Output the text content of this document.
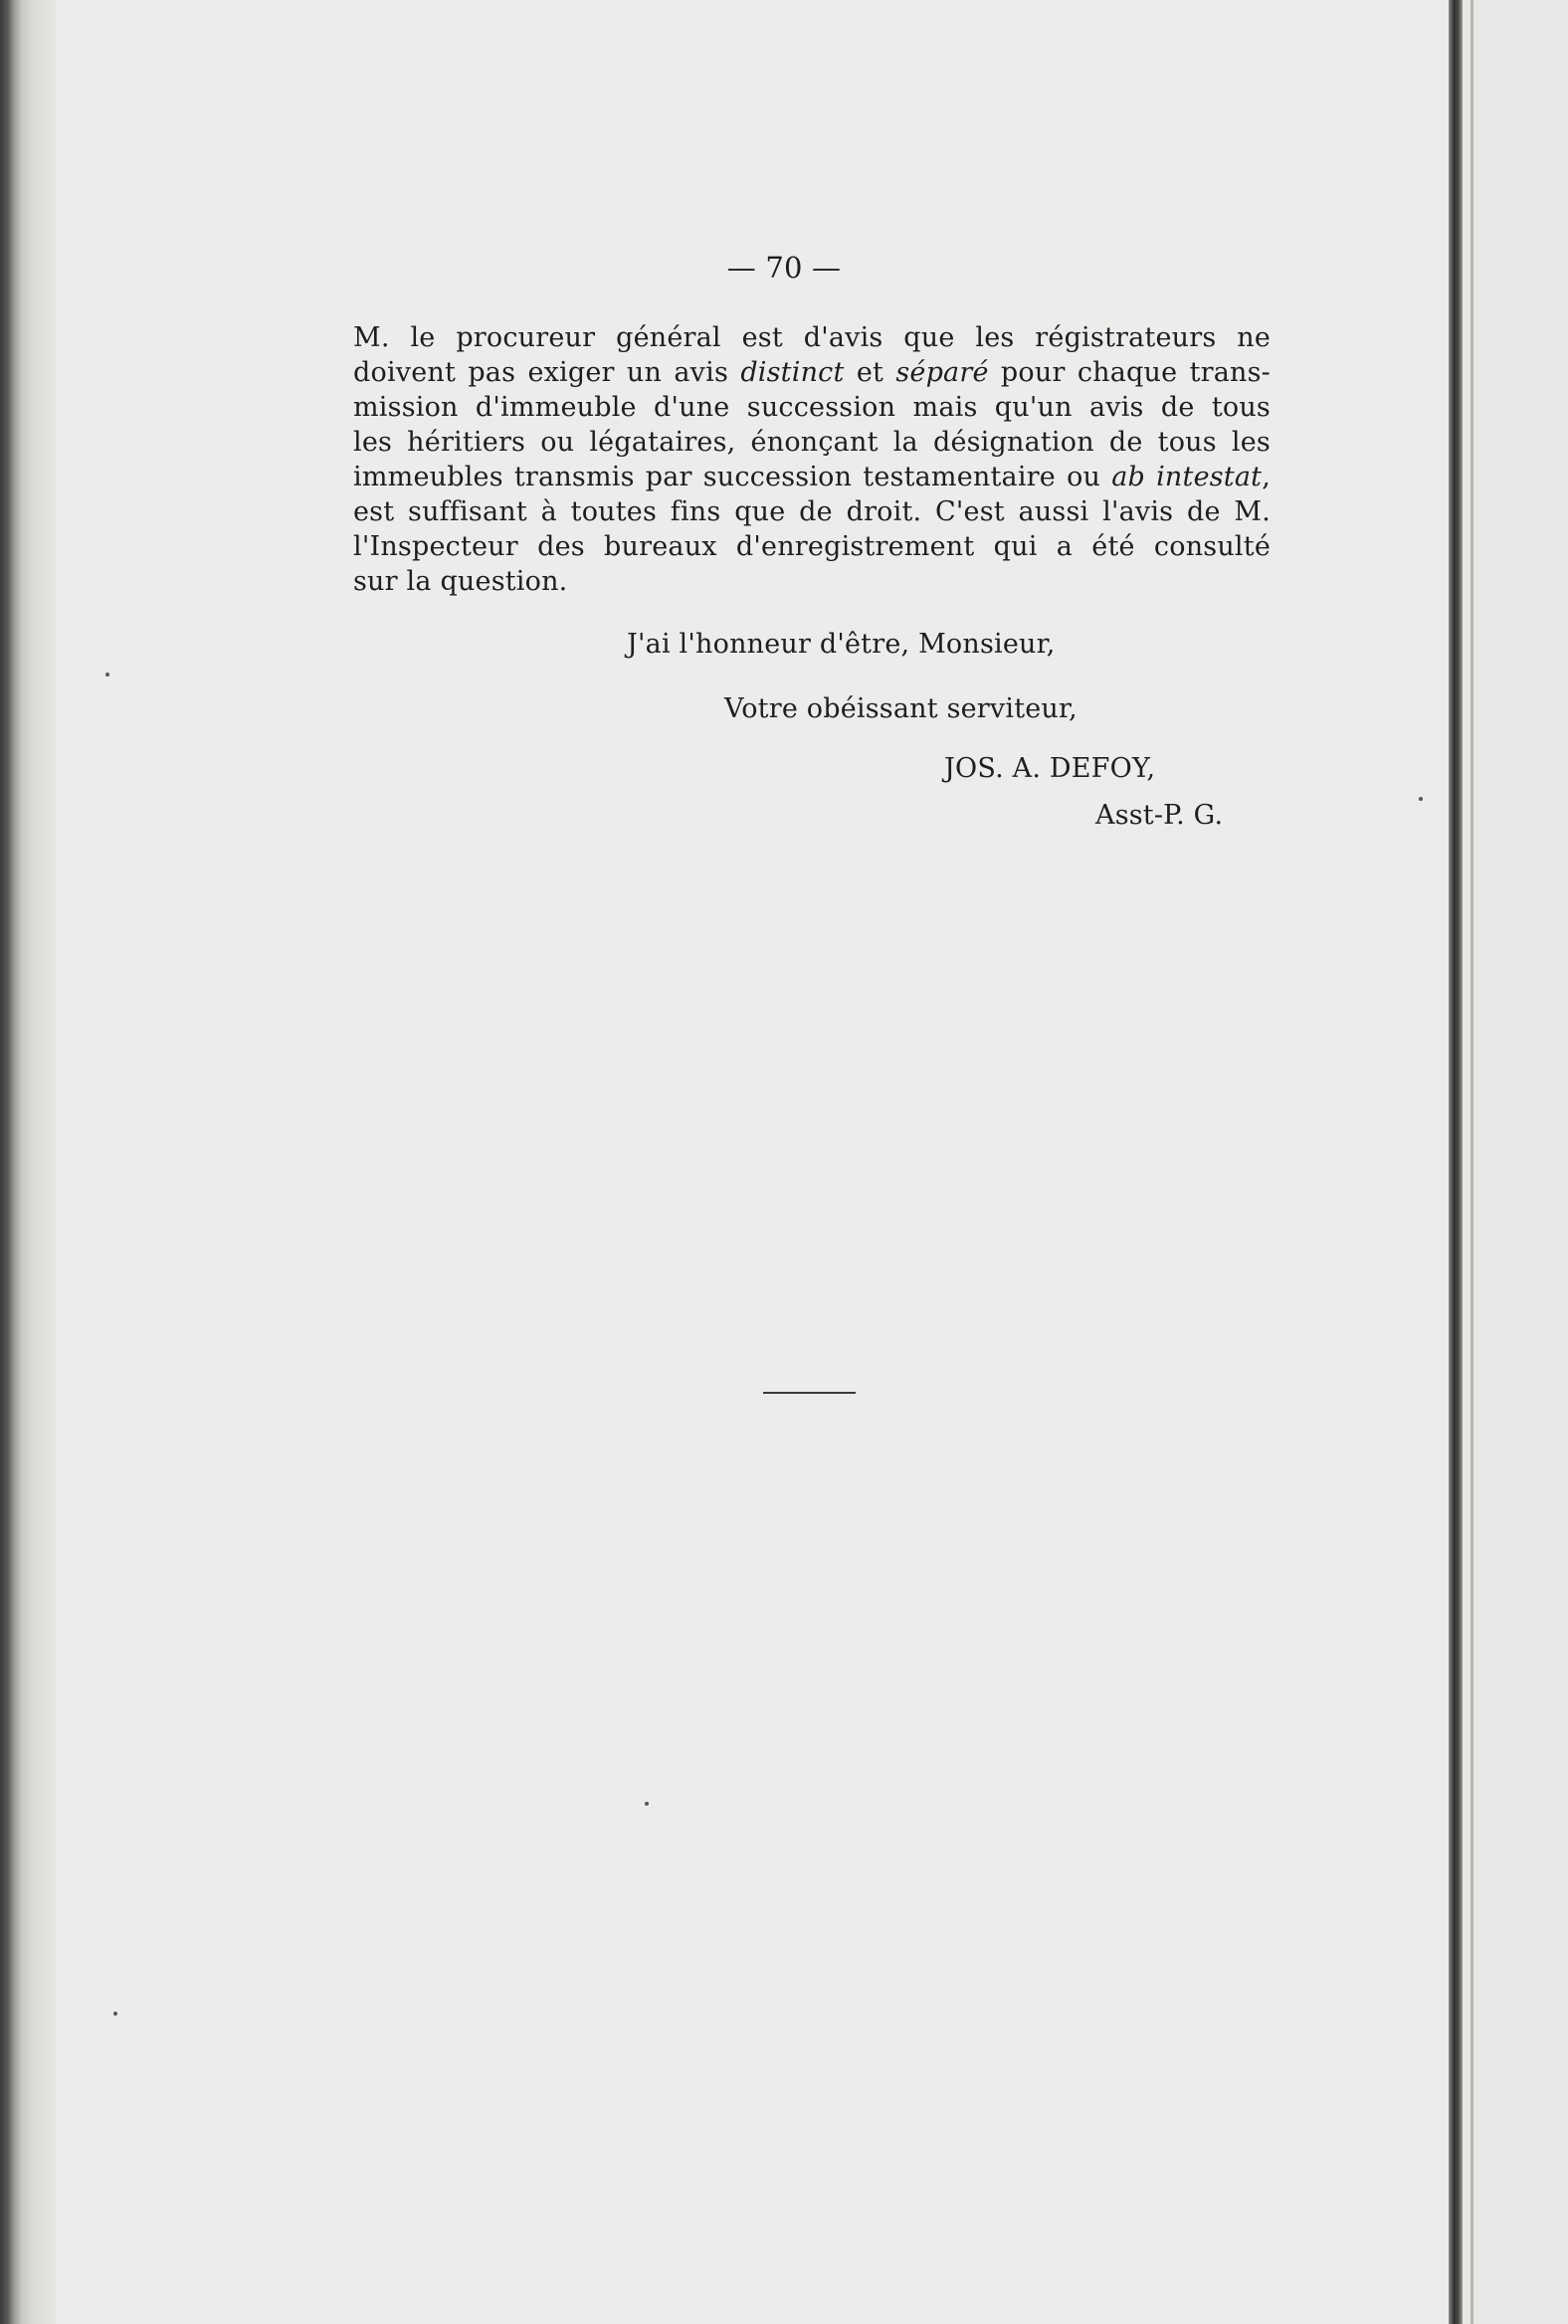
— 70 —
M. le procureur général est d'avis que les régistrateurs ne
doivent pas exiger un avis distinct et séparé pour chaque trans-
mission d'immeuble d'une succession mais qu'un avis de tous
les héritiers ou légataires, énonçant la désignation de tous les
immeubles transmis par succession testamentaire ou ab intestat,
est suffisant à toutes fins que de droit. C'est aussi l'avis de M.
l'Inspecteur des bureaux d'enregistrement qui a été consulté
sur la question.
J'ai l'honneur d'être, Monsieur,
Votre obéissant serviteur,
JOS. A. DEFOY,
Asst-P. G.
